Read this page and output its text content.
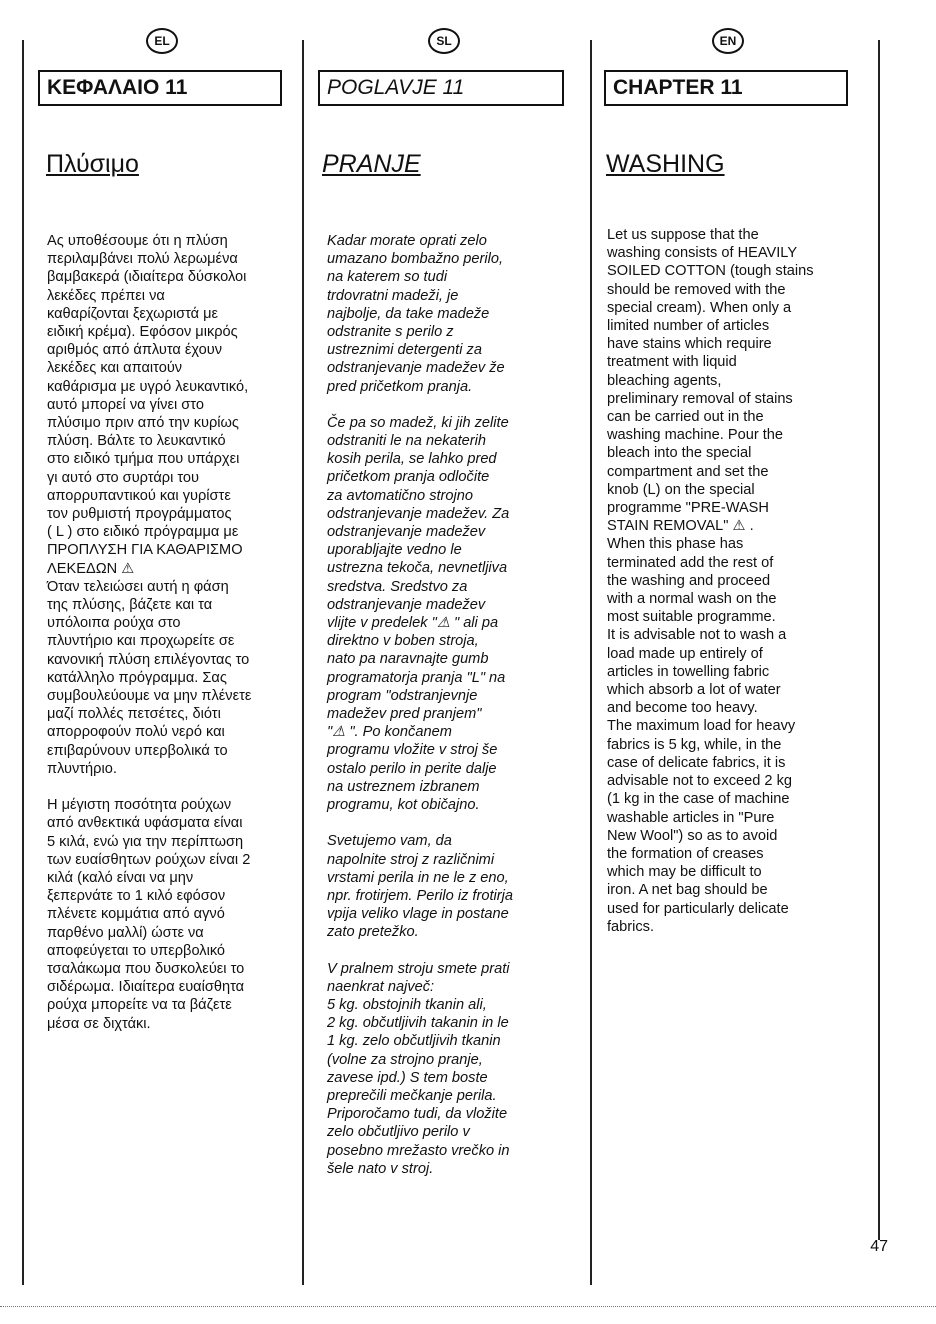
EL
ΚΕΦΑΛΑΙΟ 11
Πλύσιμο

Ας υποθέσουμε ότι η πλύση
περιλαμβάνει πολύ λερωμένα
βαμβακερά (ιδιαίτερα δύσκολοι
λεκέδες πρέπει να
καθαρίζονται ξεχωριστά με
ειδική κρέμα). Εφόσον μικρός
αριθμός από άπλυτα έχουν
λεκέδες και απαιτούν
καθάρισμα με υγρό λευκαντικό,
αυτό μπορεί να γίνει στο
πλύσιμο πριν από την κυρίως
πλύση. Βάλτε το λευκαντικό
στο ειδικό τμήμα που υπάρχει
γι αυτό στο συρτάρι του
απορρυπαντικού και γυρίστε
τον ρυθμιστή προγράμματος
( L ) στο ειδικό πρόγραμμα με
ΠΡΟΠΛΥΣΗ ΓΙΑ ΚΑΘΑΡΙΣΜΟ
ΛΕΚΕΔΩΝ ⚠
Όταν τελειώσει αυτή η φάση
της πλύσης, βάζετε και τα
υπόλοιπα ρούχα στο
πλυντήριο και προχωρείτε σε
κανονική πλύση επιλέγοντας το
κατάλληλο πρόγραμμα. Σας
συμβουλεύουμε να μην πλένετε
μαζί πολλές πετσέτες, διότι
απορροφούν πολύ νερό και
επιβαρύνουν υπερβολικά το
πλυντήριο.

Η μέγιστη ποσότητα ρούχων
από ανθεκτικά υφάσματα είναι
5 κιλά, ενώ για την περίπτωση
των ευαίσθητων ρούχων είναι 2
κιλά (καλό είναι να μην
ξεπερνάτε το 1 κιλό εφόσον
πλένετε κομμάτια από αγνό
παρθένο μαλλί) ώστε να
αποφεύγεται το υπερβολικό
τσαλάκωμα που δυσκολεύει το
σιδέρωμα. Ιδιαίτερα ευαίσθητα
ρούχα μπορείτε να τα βάζετε
μέσα σε διχτάκι.

SL
POGLAVJE 11
PRANJE

Kadar morate oprati zelo
umazano bombažno perilo,
na katerem so tudi
trdovratni madeži, je
najbolje, da take madeže
odstranite s perilo z
ustreznimi detergenti za
odstranjevanje madežev že
pred pričetkom pranja.

Če pa so madež, ki jih zelite
odstraniti le na nekaterih
kosih perila, se lahko pred
pričetkom pranja odločite
za avtomatično strojno
odstranjevanje madežev. Za
odstranjevanje madežev
uporabljajte vedno le
ustrezna tekoča, nevnetljiva
sredstva. Sredstvo za
odstranjevanje madežev
vlijte v predelek "⚠ " ali pa
direktno v boben stroja,
nato pa naravnajte gumb
programatorja pranja "L" na
program "odstranjevnje
madežev pred pranjem"
"⚠ ". Po končanem
programu vložite v stroj še
ostalo perilo in perite dalje
na ustreznem izbranem
programu, kot običajno.

Svetujemo vam, da
napolnite stroj z različnimi
vrstami perila in ne le z eno,
npr. frotirjem. Perilo iz frotirja
vpija veliko vlage in postane
zato pretežko.

V pralnem stroju smete prati
naenkrat največ:
5 kg. obstojnih tkanin ali,
2 kg. občutljivih takanin in le
1 kg. zelo občutljivih tkanin
(volne za strojno pranje,
zavese ipd.) S tem boste
preprečili mečkanje perila.
Priporočamo tudi, da vložite
zelo občutljivo perilo v
posebno mrežasto vrečko in
šele nato v stroj.

EN
CHAPTER 11
WASHING

Let us suppose that the
washing consists of HEAVILY
SOILED COTTON (tough stains
should be removed with the
special cream). When only a
limited number of articles
have stains which require
treatment with liquid
bleaching agents,
preliminary removal of stains
can be carried out in the
washing machine. Pour the
bleach into the special
compartment and set the
knob (L) on the special
programme "PRE-WASH
STAIN REMOVAL" ⚠ .
When this phase has
terminated add the rest of
the washing and proceed
with a normal wash on the
most suitable programme.
It is advisable not to wash a
load made up entirely of
articles in towelling fabric
which absorb a lot of water
and become too heavy.
The maximum load for heavy
fabrics is 5 kg, while, in the
case of delicate fabrics, it is
advisable not to exceed 2 kg
(1 kg in the case of machine
washable articles in "Pure
New Wool") so as to avoid
the formation of creases
which may be difficult to
iron. A net bag should be
used for particularly delicate
fabrics.

47
